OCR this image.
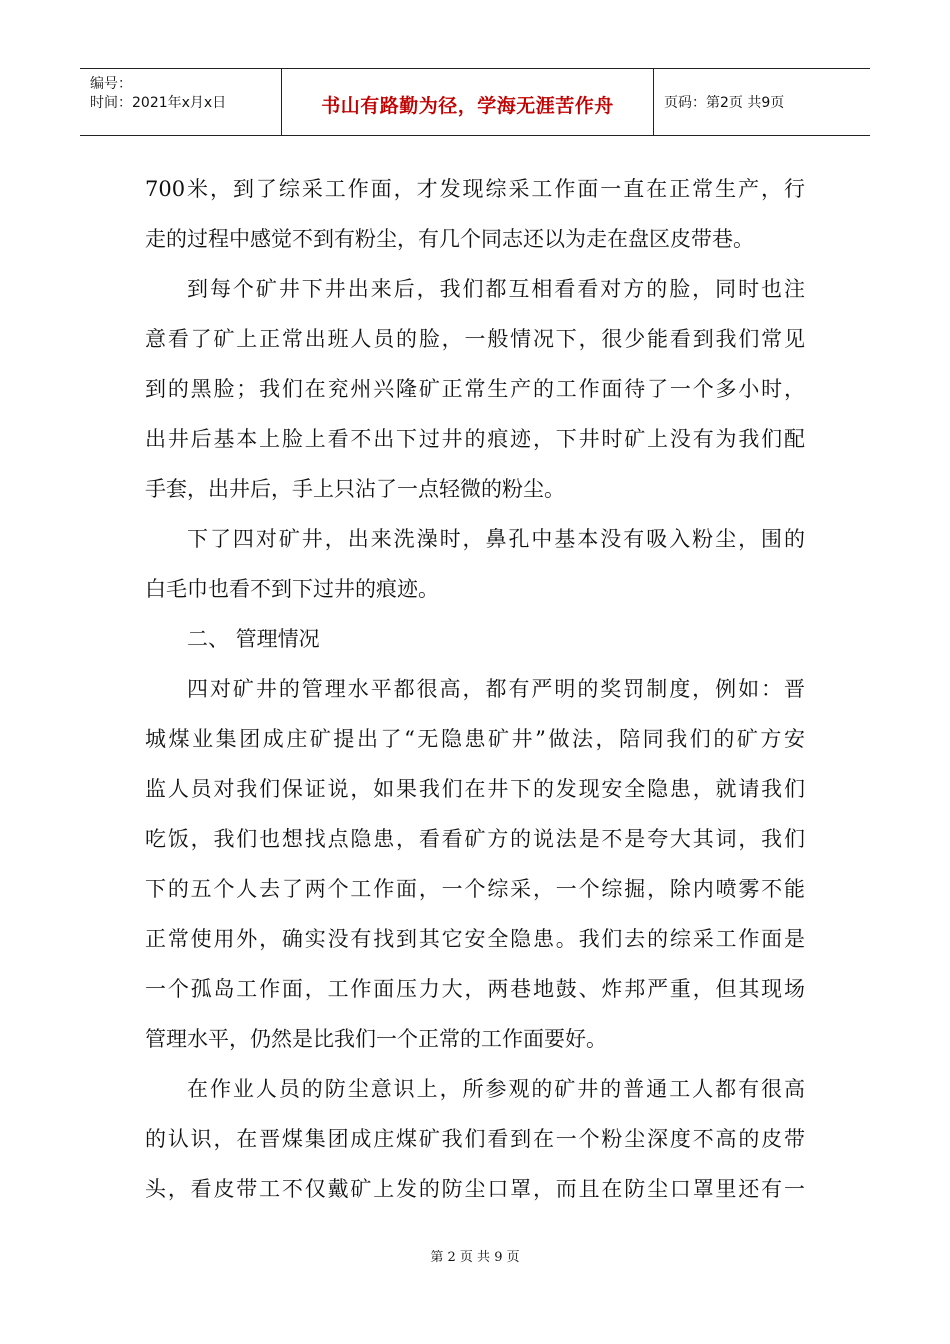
编号：
时间：2021年x月x日	书山有路勤为径，学海无涯苦作舟	页码：第2页 共9页

700米，到了综采工作面，才发现综采工作面一直在正常生产，行

走的过程中感觉不到有粉尘，有几个同志还以为走在盘区皮带巷。

到每个矿井下井出来后，我们都互相看看对方的脸，同时也注

意看了矿上正常出班人员的脸，一般情况下，很少能看到我们常见

到的黑脸；我们在兖州兴隆矿正常生产的工作面待了一个多小时，

出井后基本上脸上看不出下过井的痕迹，下井时矿上没有为我们配

手套，出井后，手上只沾了一点轻微的粉尘。

下了四对矿井，出来洗澡时，鼻孔中基本没有吸入粉尘，围的

白毛巾也看不到下过井的痕迹。

二、 管理情况

四对矿井的管理水平都很高，都有严明的奖罚制度，例如：晋

城煤业集团成庄矿提出了“无隐患矿井”做法，陪同我们的矿方安

监人员对我们保证说，如果我们在井下的发现安全隐患，就请我们

吃饭，我们也想找点隐患，看看矿方的说法是不是夸大其词，我们

下的五个人去了两个工作面，一个综采，一个综掘，除内喷雾不能

正常使用外，确实没有找到其它安全隐患。我们去的综采工作面是

一个孤岛工作面，工作面压力大，两巷地鼓、炸邦严重，但其现场

管理水平，仍然是比我们一个正常的工作面要好。

在作业人员的防尘意识上，所参观的矿井的普通工人都有很高

的认识，在晋煤集团成庄煤矿我们看到在一个粉尘深度不高的皮带

头，看皮带工不仅戴矿上发的防尘口罩，而且在防尘口罩里还有一

第 2 页 共 9 页
